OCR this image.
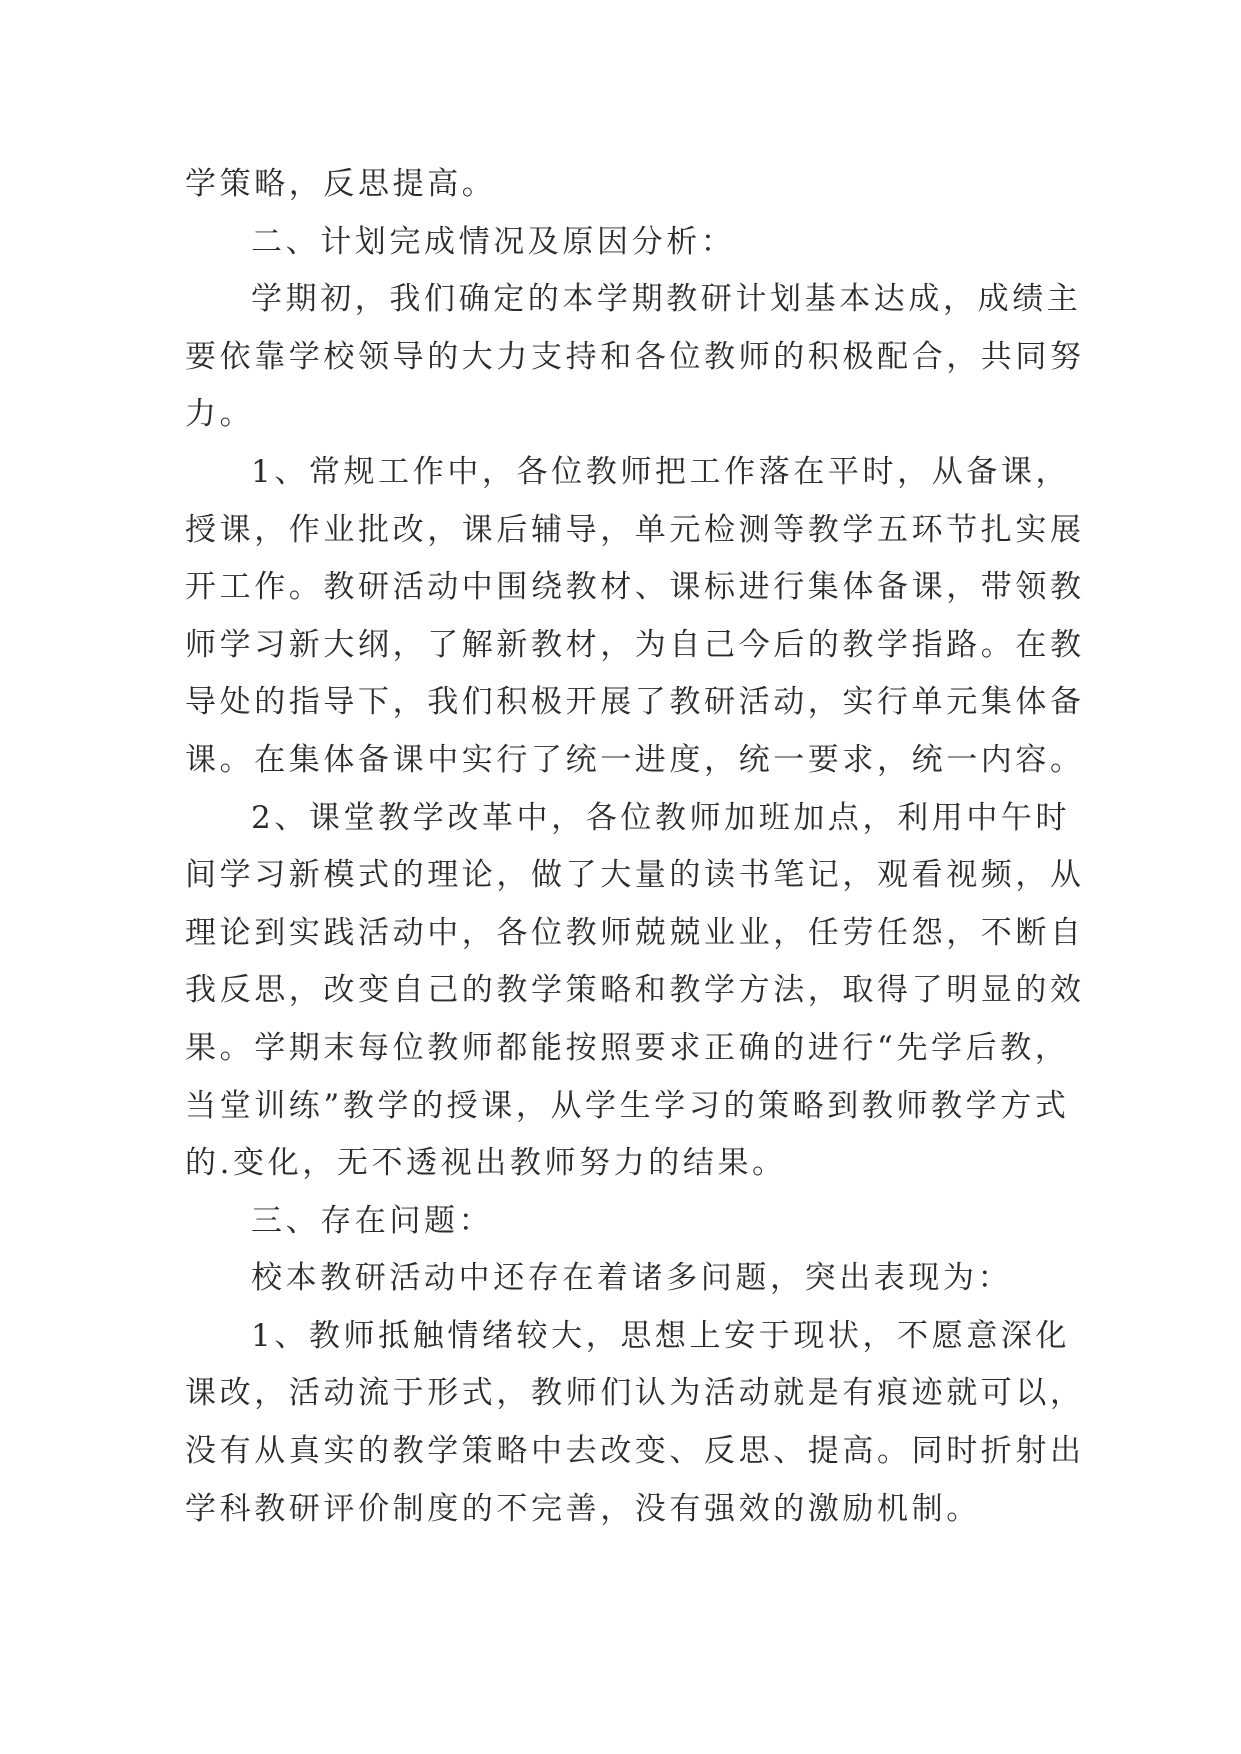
学策略，反思提高。
二、计划完成情况及原因分析：
学期初，我们确定的本学期教研计划基本达成，成绩主
要依靠学校领导的大力支持和各位教师的积极配合，共同努
力。
1、常规工作中，各位教师把工作落在平时，从备课，
授课，作业批改，课后辅导，单元检测等教学五环节扎实展
开工作。教研活动中围绕教材、课标进行集体备课，带领教
师学习新大纲，了解新教材，为自己今后的教学指路。在教
导处的指导下，我们积极开展了教研活动，实行单元集体备
课。在集体备课中实行了统一进度，统一要求，统一内容。
2、课堂教学改革中，各位教师加班加点，利用中午时
间学习新模式的理论，做了大量的读书笔记，观看视频，从
理论到实践活动中，各位教师兢兢业业，任劳任怨，不断自
我反思，改变自己的教学策略和教学方法，取得了明显的效
果。学期末每位教师都能按照要求正确的进行“先学后教，
当堂训练”教学的授课，从学生学习的策略到教师教学方式
的.变化，无不透视出教师努力的结果。
三、存在问题：
校本教研活动中还存在着诸多问题，突出表现为：
1、教师抵触情绪较大，思想上安于现状，不愿意深化
课改，活动流于形式，教师们认为活动就是有痕迹就可以，
没有从真实的教学策略中去改变、反思、提高。同时折射出
学科教研评价制度的不完善，没有强效的激励机制。
